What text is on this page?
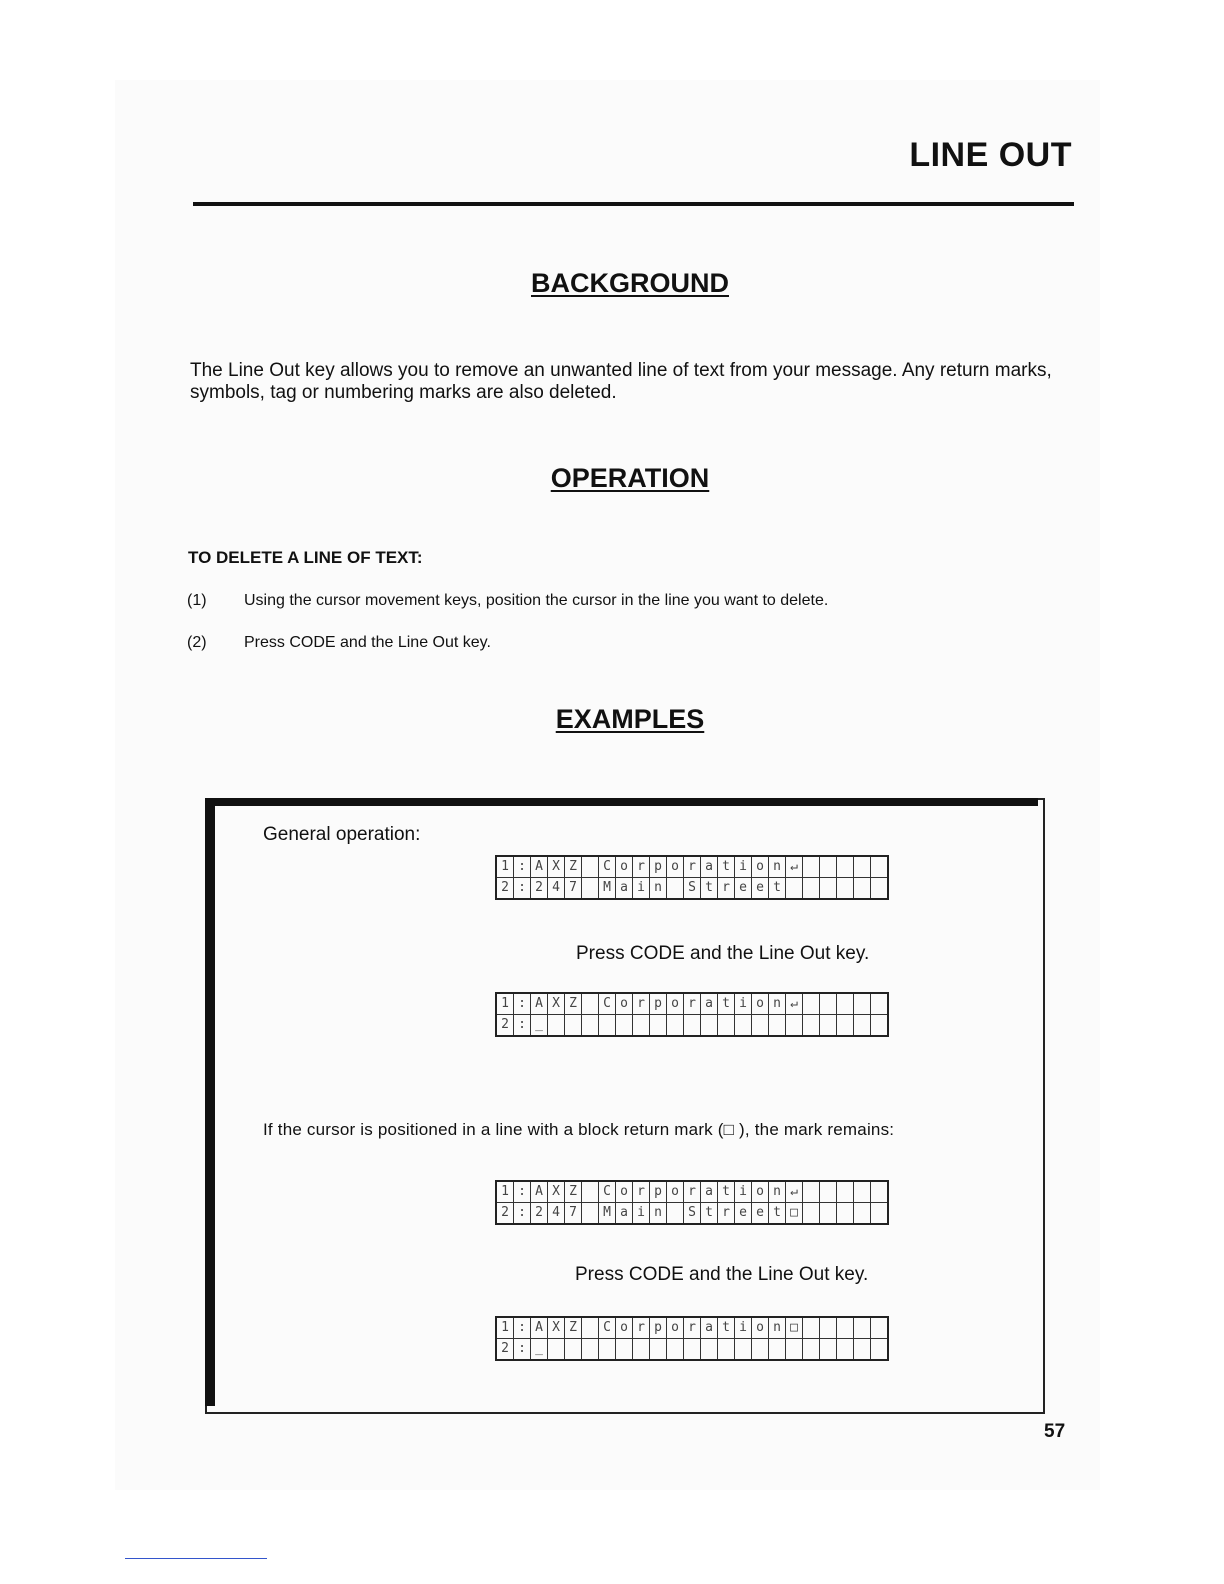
LINE OUT
BACKGROUND
The Line Out key allows you to remove an unwanted line of text from your message. Any return marks,
symbols, tag or numbering marks are also deleted.
OPERATION
TO DELETE A LINE OF TEXT:
(1) Using the cursor movement keys, position the cursor in the line you want to delete.
(2) Press CODE and the Line Out key.
EXAMPLES
General operation:
1	:	A	X	Z		C	o	r	p	o	r	a	t	i	o	n	↵					
2	:	2	4	7		M	a	i	n		S	t	r	e	e	t						
Press CODE and the Line Out key.
1	:	A	X	Z		C	o	r	p	o	r	a	t	i	o	n	↵					
2	:	_																				
If the cursor is positioned in a line with a block return mark (□ ), the mark remains:
1	:	A	X	Z		C	o	r	p	o	r	a	t	i	o	n	↵					
2	:	2	4	7		M	a	i	n		S	t	r	e	e	t	□					
Press CODE and the Line Out key.
1	:	A	X	Z		C	o	r	p	o	r	a	t	i	o	n	□					
2	:	_																				
57
